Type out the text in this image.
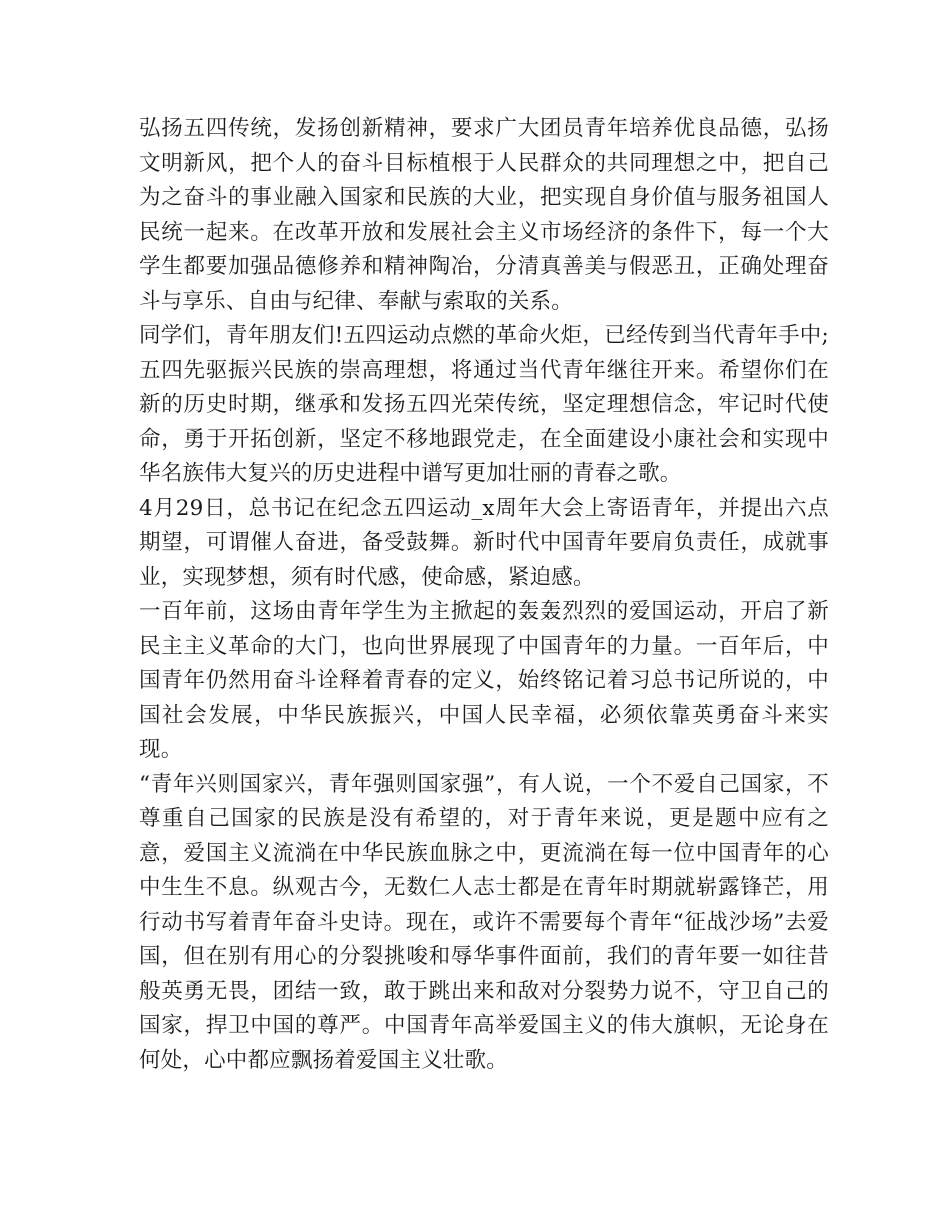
弘扬五四传统，发扬创新精神，要求广大团员青年培养优良品德，弘扬文明新风，把个人的奋斗目标植根于人民群众的共同理想之中，把自己为之奋斗的事业融入国家和民族的大业，把实现自身价值与服务祖国人民统一起来。在改革开放和发展社会主义市场经济的条件下，每一个大学生都要加强品德修养和精神陶冶，分清真善美与假恶丑，正确处理奋斗与享乐、自由与纪律、奉献与索取的关系。

同学们，青年朋友们!五四运动点燃的革命火炬，已经传到当代青年手中;五四先驱振兴民族的崇高理想，将通过当代青年继往开来。希望你们在新的历史时期，继承和发扬五四光荣传统，坚定理想信念，牢记时代使命，勇于开拓创新，坚定不移地跟党走，在全面建设小康社会和实现中华名族伟大复兴的历史进程中谱写更加壮丽的青春之歌。

4月29日，总书记在纪念五四运动_x周年大会上寄语青年，并提出六点期望，可谓催人奋进，备受鼓舞。新时代中国青年要肩负责任，成就事业，实现梦想，须有时代感，使命感，紧迫感。

一百年前，这场由青年学生为主掀起的轰轰烈烈的爱国运动，开启了新民主主义革命的大门，也向世界展现了中国青年的力量。一百年后，中国青年仍然用奋斗诠释着青春的定义，始终铭记着习总书记所说的，中国社会发展，中华民族振兴，中国人民幸福，必须依靠英勇奋斗来实现。

“青年兴则国家兴，青年强则国家强”，有人说，一个不爱自己国家，不尊重自己国家的民族是没有希望的，对于青年来说，更是题中应有之意，爱国主义流淌在中华民族血脉之中，更流淌在每一位中国青年的心中生生不息。纵观古今，无数仁人志士都是在青年时期就崭露锋芒，用行动书写着青年奋斗史诗。现在，或许不需要每个青年“征战沙场”去爱国，但在别有用心的分裂挑唆和辱华事件面前，我们的青年要一如往昔般英勇无畏，团结一致，敢于跳出来和敌对分裂势力说不，守卫自己的国家，捍卫中国的尊严。中国青年高举爱国主义的伟大旗帜，无论身在何处，心中都应飘扬着爱国主义壮歌。
